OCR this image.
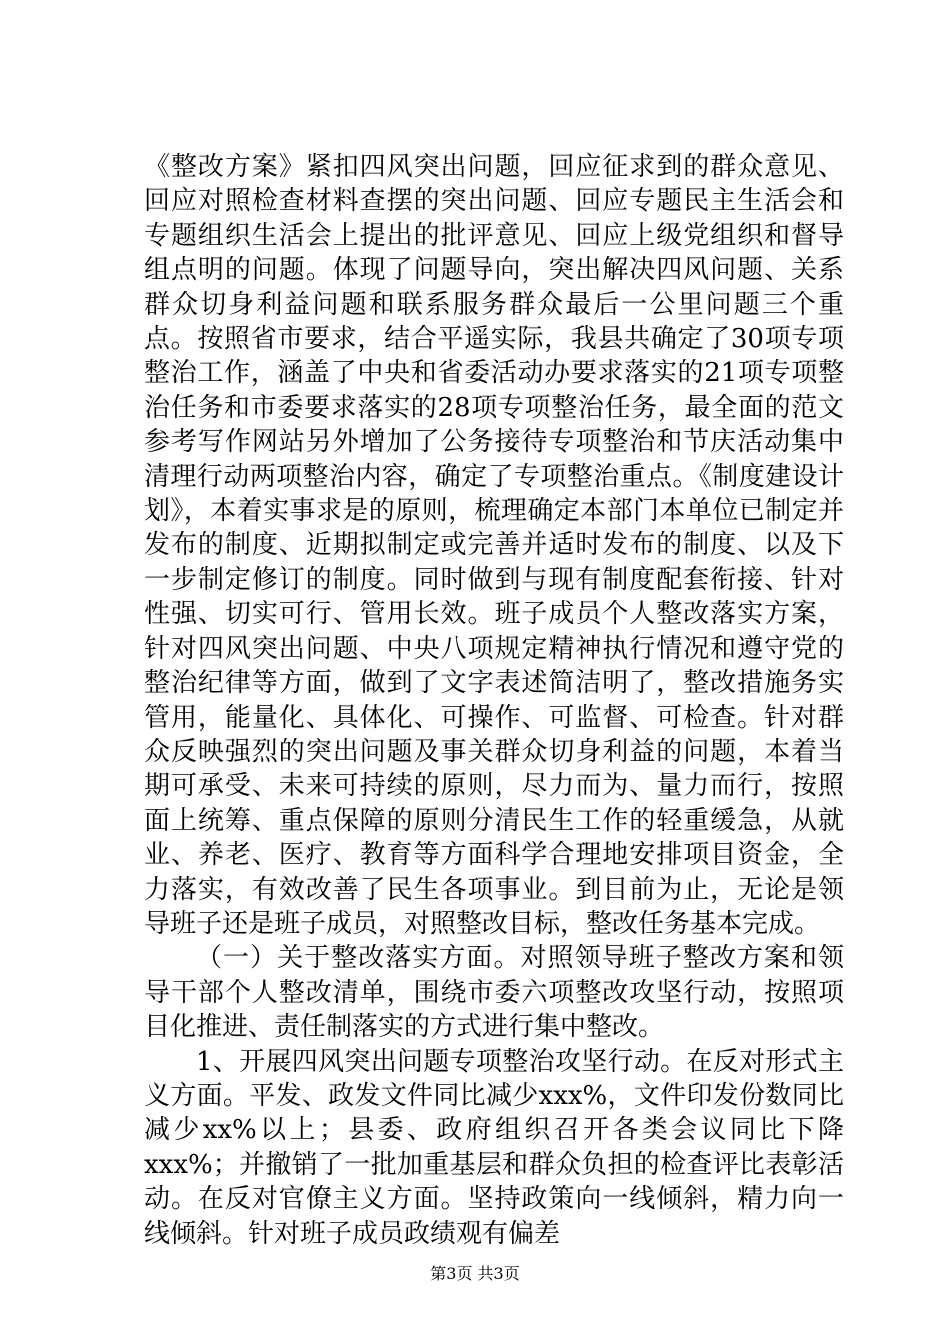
《整改方案》紧扣四风突出问题，回应征求到的群众意见、回应对照检查材料查摆的突出问题、回应专题民主生活会和专题组织生活会上提出的批评意见、回应上级党组织和督导组点明的问题。体现了问题导向，突出解决四风问题、关系群众切身利益问题和联系服务群众最后一公里问题三个重点。按照省市要求，结合平遥实际，我县共确定了30项专项整治工作，涵盖了中央和省委活动办要求落实的21项专项整治任务和市委要求落实的28项专项整治任务，最全面的范文参考写作网站另外增加了公务接待专项整治和节庆活动集中清理行动两项整治内容，确定了专项整治重点。《制度建设计划》，本着实事求是的原则，梳理确定本部门本单位已制定并发布的制度、近期拟制定或完善并适时发布的制度、以及下一步制定修订的制度。同时做到与现有制度配套衔接、针对性强、切实可行、管用长效。班子成员个人整改落实方案，针对四风突出问题、中央八项规定精神执行情况和遵守党的整治纪律等方面，做到了文字表述简洁明了，整改措施务实管用，能量化、具体化、可操作、可监督、可检查。针对群众反映强烈的突出问题及事关群众切身利益的问题，本着当期可承受、未来可持续的原则，尽力而为、量力而行，按照面上统筹、重点保障的原则分清民生工作的轻重缓急，从就业、养老、医疗、教育等方面科学合理地安排项目资金，全力落实，有效改善了民生各项事业。到目前为止，无论是领导班子还是班子成员，对照整改目标，整改任务基本完成。

（一）关于整改落实方面。对照领导班子整改方案和领导干部个人整改清单，围绕市委六项整改攻坚行动，按照项目化推进、责任制落实的方式进行集中整改。

1、开展四风突出问题专项整治攻坚行动。在反对形式主义方面。平发、政发文件同比减少xxx%，文件印发份数同比减少xx%以上；县委、政府组织召开各类会议同比下降xxx%；并撤销了一批加重基层和群众负担的检查评比表彰活动。在反对官僚主义方面。坚持政策向一线倾斜，精力向一线倾斜。针对班子成员政绩观有偏差

第3页 共3页
